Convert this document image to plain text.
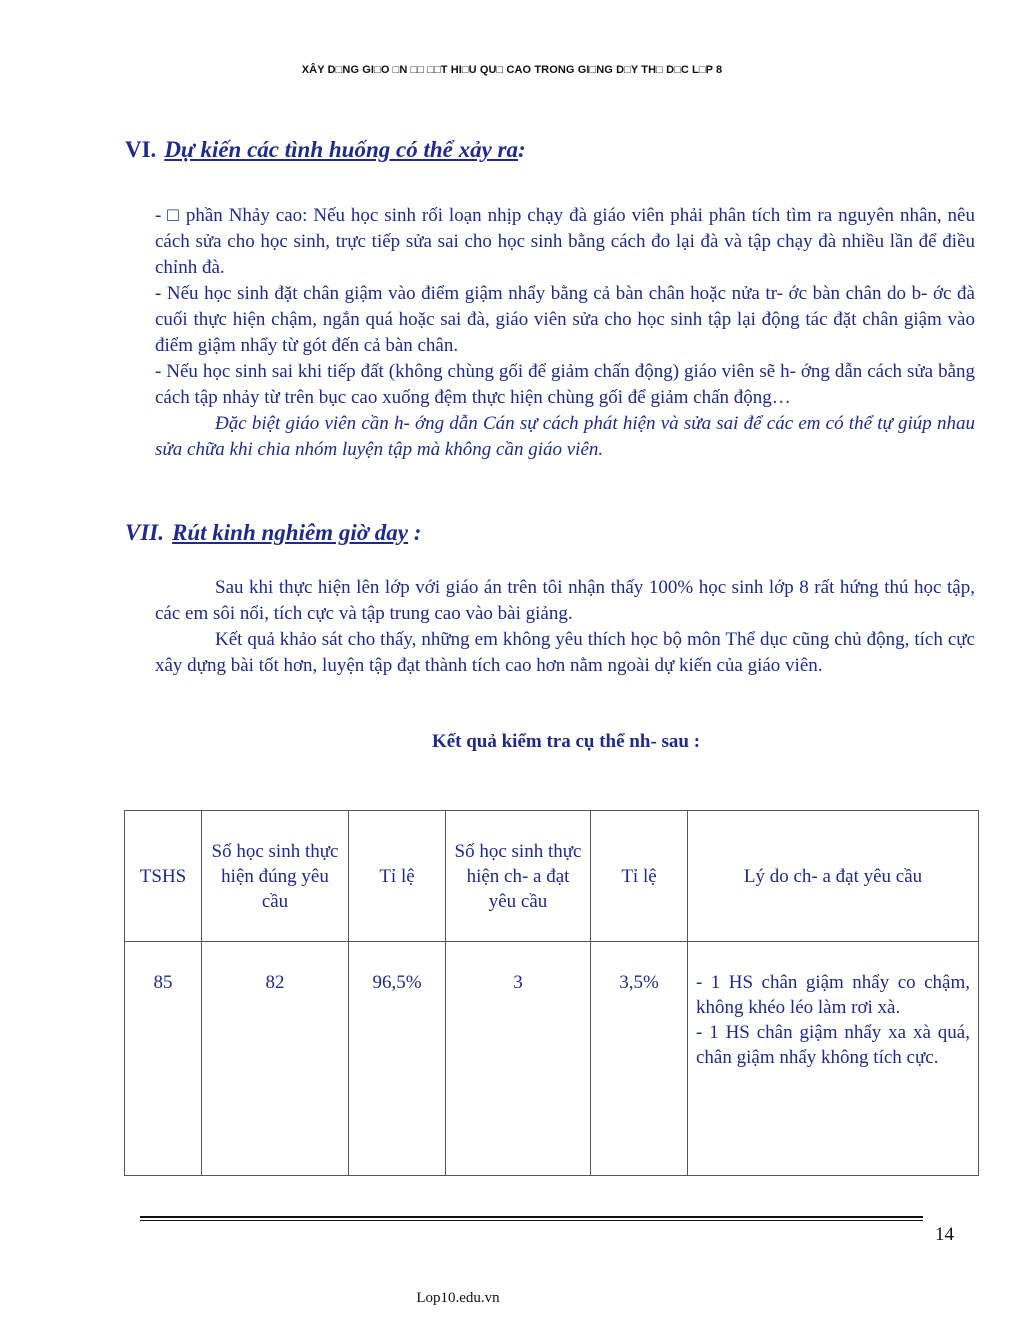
XÂY D□NG GI□O □N □□ □□T HI□U QU□ CAO TRONG GI□NG D□Y TH□ D□C L□P 8
VI. Dự kiến các tình huống có thể xảy ra:

- □ phần Nhảy cao: Nếu học sinh rối loạn nhịp chạy đà giáo viên phải phân tích tìm ra nguyên nhân, nêu cách sửa cho học sinh, trực tiếp sửa sai cho học sinh bằng cách đo lại đà và tập chạy đà nhiều lần để điều chỉnh đà.

- Nếu học sinh đặt chân giậm vào điểm giậm nhẩy bằng cả bàn chân hoặc nửa tr- ớc bàn chân do b- ớc đà cuối thực hiện chậm, ngắn quá hoặc sai đà, giáo viên sửa cho học sinh tập lại động tác đặt chân giậm vào điểm giậm nhẩy từ gót đến cả bàn chân.

- Nếu học sinh sai khi tiếp đất (không chùng gối để giảm chấn động) giáo viên sẽ h- ớng dẫn cách sửa bằng cách tập nhảy từ trên bục cao xuống đệm thực hiện chùng gối để giảm chấn động…

Đặc biệt giáo viên cần h- ớng dẫn Cán sự cách phát hiện và sửa sai để các em có thể tự giúp nhau sửa chữa khi chia nhóm luyện tập mà không cần giáo viên.

VII. Rút kinh nghiêm giờ day :

Sau khi thực hiện lên lớp với giáo án trên tôi nhận thấy 100% học sinh lớp 8 rất hứng thú học tập, các em sôi nổi, tích cực và tập trung cao vào bài giảng.

Kết quả khảo sát cho thấy, những em không yêu thích học bộ môn Thể dục cũng chủ động, tích cực xây dựng bài tốt hơn, luyện tập đạt thành tích cao hơn nằm ngoài dự kiến của giáo viên.

Kết quả kiểm tra cụ thể nh- sau :
TSHS	Số học sinh thực hiện đúng yêu cầu	Tỉ lệ	Số học sinh thực hiện ch- a đạt yêu cầu	Tỉ lệ	Lý do ch- a đạt yêu cầu
85	82	96,5%	3	3,5%	- 1 HS chân giậm nhẩy co chậm, không khéo léo làm rơi xà.
- 1 HS chân giậm nhẩy xa xà quá, chân giậm nhẩy không tích cực.
14
Lop10.edu.vn
